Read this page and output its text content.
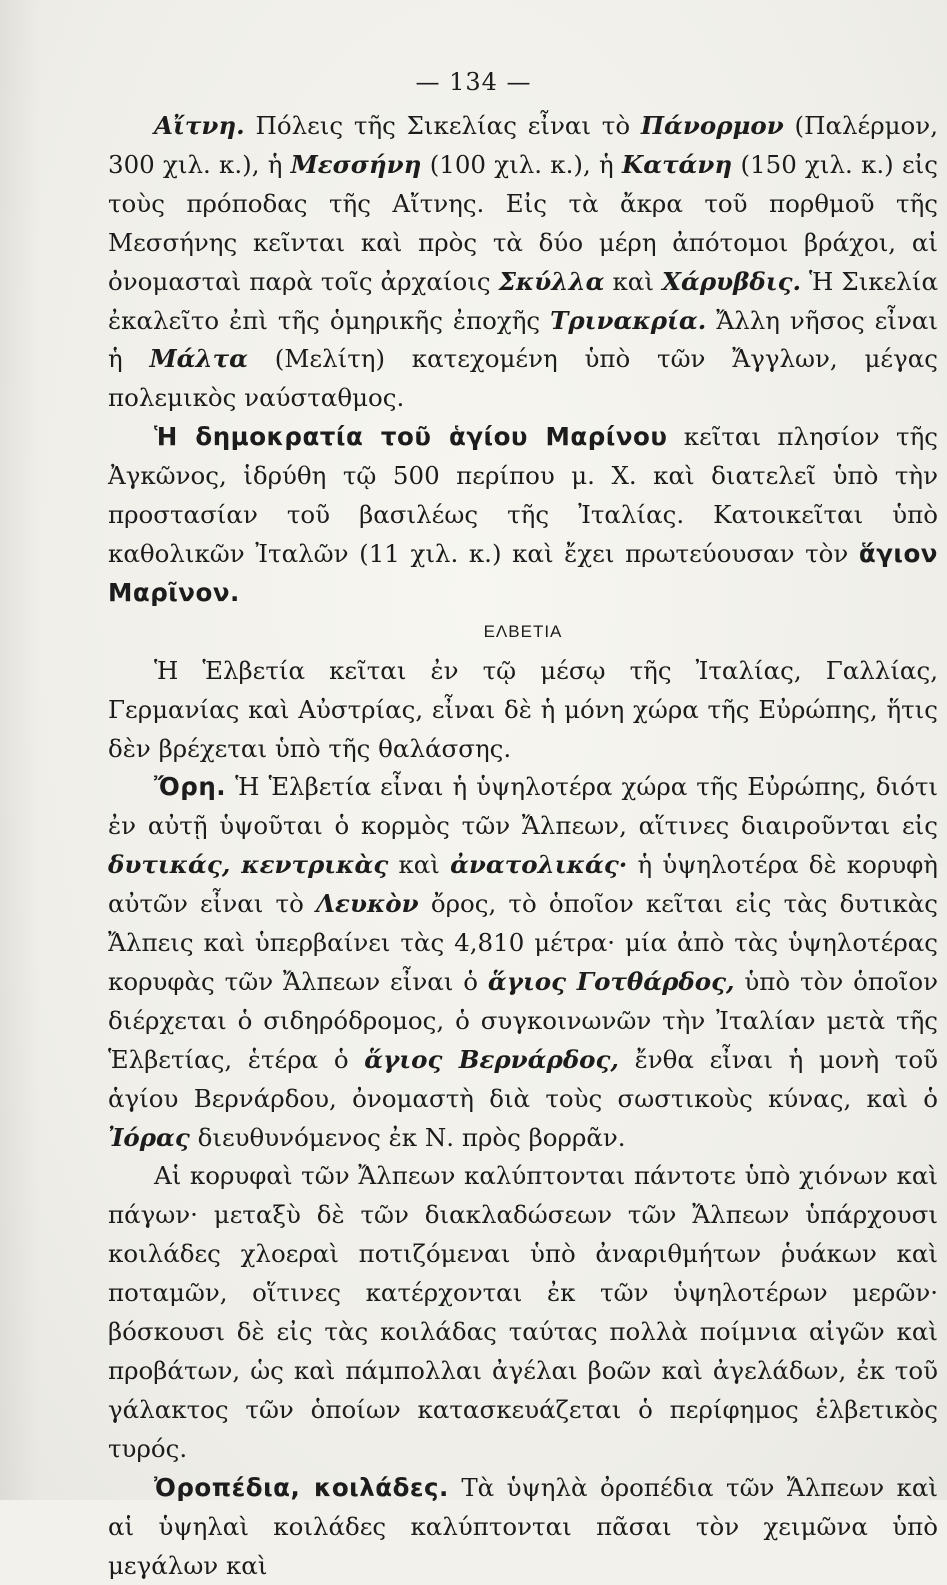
— 134 —

Αἴτνη. Πόλεις τῆς Σικελίας εἶναι τὸ Πάνορμον (Παλέρμον, 300 χιλ. κ.), ἡ Μεσσήνη (100 χιλ. κ.), ἡ Κατάνη (150 χιλ. κ.) εἰς τοὺς πρόποδας τῆς Αἴτνης. Εἰς τὰ ἄκρα τοῦ πορθμοῦ τῆς Μεσσήνης κεῖνται καὶ πρὸς τὰ δύο μέρη ἀπότομοι βράχοι, αἱ ὀνομασταὶ παρὰ τοῖς ἀρχαίοις Σκύλλα καὶ Χάρυβδις. Ἡ Σικελία ἐκαλεῖτο ἐπὶ τῆς ὁμηρικῆς ἐποχῆς Τρινακρία. Ἄλλη νῆσος εἶναι ἡ Μάλτα (Μελίτη) κατεχομένη ὑπὸ τῶν Ἄγγλων, μέγας πολεμικὸς ναύσταθμος.

Ἡ δημοκρατία τοῦ ἁγίου Μαρίνου κεῖται πλησίον τῆς Ἀγκῶνος, ἱδρύθη τῷ 500 περίπου μ. Χ. καὶ διατελεῖ ὑπὸ τὴν προστασίαν τοῦ βασιλέως τῆς Ἰταλίας. Κατοικεῖται ὑπὸ καθολικῶν Ἰταλῶν (11 χιλ. κ.) καὶ ἔχει πρωτεύουσαν τὸν ἅγιον Μαρῖνον.

ΕΛΒΕΤΙΑ

Ἡ Ἑλβετία κεῖται ἐν τῷ μέσῳ τῆς Ἰταλίας, Γαλλίας, Γερμανίας καὶ Αὐστρίας, εἶναι δὲ ἡ μόνη χώρα τῆς Εὐρώπης, ἥτις δὲν βρέχεται ὑπὸ τῆς θαλάσσης.

Ὄρη. Ἡ Ἑλβετία εἶναι ἡ ὑψηλοτέρα χώρα τῆς Εὐρώπης, διότι ἐν αὐτῇ ὑψοῦται ὁ κορμὸς τῶν Ἄλπεων, αἵτινες διαιροῦνται εἰς δυτικάς, κεντρικὰς καὶ ἀνατολικάς· ἡ ὑψηλοτέρα δὲ κορυφὴ αὐτῶν εἶναι τὸ Λευκὸν ὄρος, τὸ ὁποῖον κεῖται εἰς τὰς δυτικὰς Ἄλπεις καὶ ὑπερβαίνει τὰς 4,810 μέτρα· μία ἀπὸ τὰς ὑψηλοτέρας κορυφὰς τῶν Ἄλπεων εἶναι ὁ ἅγιος Γοτθάρδος, ὑπὸ τὸν ὁποῖον διέρχεται ὁ σιδηρόδρομος, ὁ συγκοινωνῶν τὴν Ἰταλίαν μετὰ τῆς Ἑλβετίας, ἑτέρα ὁ ἅγιος Βερνάρδος, ἔνθα εἶναι ἡ μονὴ τοῦ ἁγίου Βερνάρδου, ὀνομαστὴ διὰ τοὺς σωστικοὺς κύνας, καὶ ὁ Ἰόρας διευθυνόμενος ἐκ Ν. πρὸς βορρᾶν.

Αἱ κορυφαὶ τῶν Ἄλπεων καλύπτονται πάντοτε ὑπὸ χιόνων καὶ πάγων· μεταξὺ δὲ τῶν διακλαδώσεων τῶν Ἄλπεων ὑπάρχουσι κοιλάδες χλοεραὶ ποτιζόμεναι ὑπὸ ἀναριθμήτων ῥυάκων καὶ ποταμῶν, οἵτινες κατέρχονται ἐκ τῶν ὑψηλοτέρων μερῶν· βόσκουσι δὲ εἰς τὰς κοιλάδας ταύτας πολλὰ ποίμνια αἰγῶν καὶ προβάτων, ὡς καὶ πάμπολλαι ἀγέλαι βοῶν καὶ ἀγελάδων, ἐκ τοῦ γάλακτος τῶν ὁποίων κατασκευάζεται ὁ περίφημος ἑλβετικὸς τυρός.

Ὀροπέδια, κοιλάδες. Τὰ ὑψηλὰ ὀροπέδια τῶν Ἄλπεων καὶ αἱ ὑψηλαὶ κοιλάδες καλύπτονται πᾶσαι τὸν χειμῶνα ὑπὸ μεγάλων καὶ
